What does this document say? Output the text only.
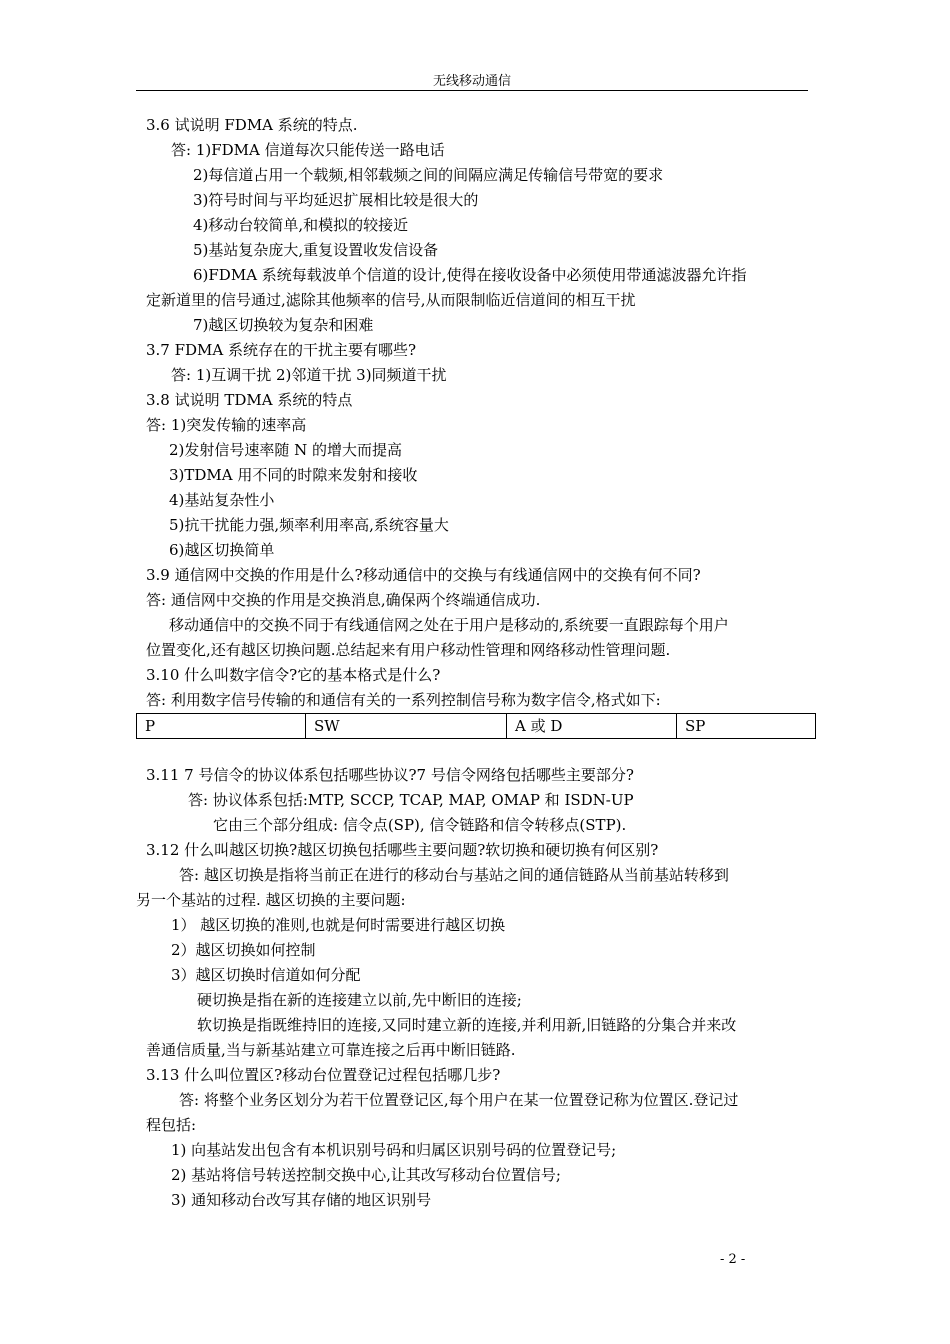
无线移动通信
P	SW	A 或 D	SP
3.6 试说明 FDMA 系统的特点.
答: 1)FDMA 信道每次只能传送一路电话
2)每信道占用一个载频,相邻载频之间的间隔应满足传输信号带宽的要求
3)符号时间与平均延迟扩展相比较是很大的
4)移动台较简单,和模拟的较接近
5)基站复杂庞大,重复设置收发信设备
6)FDMA 系统每载波单个信道的设计,使得在接收设备中必须使用带通滤波器允许指
定新道里的信号通过,滤除其他频率的信号,从而限制临近信道间的相互干扰
7)越区切换较为复杂和困难
3.7 FDMA 系统存在的干扰主要有哪些?
答: 1)互调干扰 2)邻道干扰 3)同频道干扰
3.8 试说明 TDMA 系统的特点
答: 1)突发传输的速率高
2)发射信号速率随 N 的增大而提高
3)TDMA 用不同的时隙来发射和接收
4)基站复杂性小
5)抗干扰能力强,频率利用率高,系统容量大
6)越区切换简单
3.9 通信网中交换的作用是什么?移动通信中的交换与有线通信网中的交换有何不同?
答: 通信网中交换的作用是交换消息,确保两个终端通信成功.
移动通信中的交换不同于有线通信网之处在于用户是移动的,系统要一直跟踪每个用户
位置变化,还有越区切换问题.总结起来有用户移动性管理和网络移动性管理问题.
3.10 什么叫数字信令?它的基本格式是什么?
答: 利用数字信号传输的和通信有关的一系列控制信号称为数字信令,格式如下:
3.11 7 号信令的协议体系包括哪些协议?7 号信令网络包括哪些主要部分?
答: 协议体系包括:MTP, SCCP, TCAP, MAP, OMAP 和 ISDN-UP
它由三个部分组成: 信令点(SP), 信令链路和信令转移点(STP).
3.12 什么叫越区切换?越区切换包括哪些主要问题?软切换和硬切换有何区别?
答: 越区切换是指将当前正在进行的移动台与基站之间的通信链路从当前基站转移到
另一个基站的过程. 越区切换的主要问题:
1） 越区切换的准则,也就是何时需要进行越区切换
2）越区切换如何控制
3）越区切换时信道如何分配
硬切换是指在新的连接建立以前,先中断旧的连接;
软切换是指既维持旧的连接,又同时建立新的连接,并利用新,旧链路的分集合并来改
善通信质量,当与新基站建立可靠连接之后再中断旧链路.
3.13 什么叫位置区?移动台位置登记过程包括哪几步?
答: 将整个业务区划分为若干位置登记区,每个用户在某一位置登记称为位置区.登记过
程包括:
1) 向基站发出包含有本机识别号码和归属区识别号码的位置登记号;
2) 基站将信号转送控制交换中心,让其改写移动台位置信号;
3) 通知移动台改写其存储的地区识别号
- 2 -
